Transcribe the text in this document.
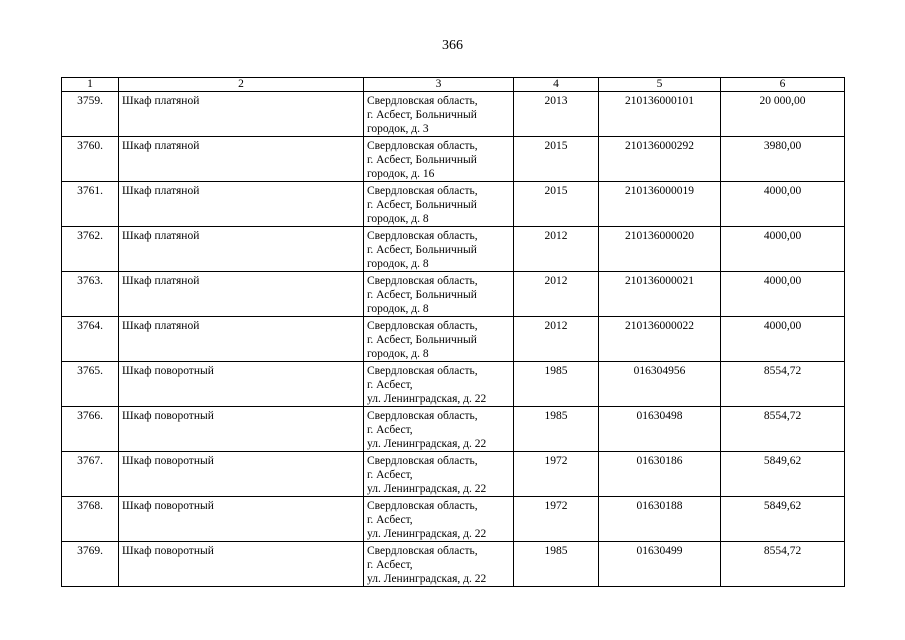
366
1	2	3	4	5	6
3759.	Шкаф платяной	Свердловская область,
г. Асбест, Больничный
городок, д. 3	2013	210136000101	20 000,00
3760.	Шкаф платяной	Свердловская область,
г. Асбест, Больничный
городок, д. 16	2015	210136000292	3980,00
3761.	Шкаф платяной	Свердловская область,
г. Асбест, Больничный
городок, д. 8	2015	210136000019	4000,00
3762.	Шкаф платяной	Свердловская область,
г. Асбест, Больничный
городок, д. 8	2012	210136000020	4000,00
3763.	Шкаф платяной	Свердловская область,
г. Асбест, Больничный
городок, д. 8	2012	210136000021	4000,00
3764.	Шкаф платяной	Свердловская область,
г. Асбест, Больничный
городок, д. 8	2012	210136000022	4000,00
3765.	Шкаф поворотный	Свердловская область,
г. Асбест,
ул. Ленинградская, д. 22	1985	016304956	8554,72
3766.	Шкаф поворотный	Свердловская область,
г. Асбест,
ул. Ленинградская, д. 22	1985	01630498	8554,72
3767.	Шкаф поворотный	Свердловская область,
г. Асбест,
ул. Ленинградская, д. 22	1972	01630186	5849,62
3768.	Шкаф поворотный	Свердловская область,
г. Асбест,
ул. Ленинградская, д. 22	1972	01630188	5849,62
3769.	Шкаф поворотный	Свердловская область,
г. Асбест,
ул. Ленинградская, д. 22	1985	01630499	8554,72
